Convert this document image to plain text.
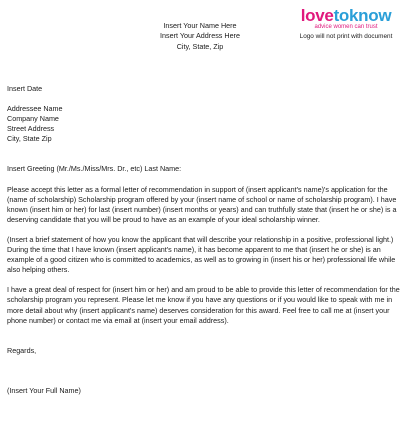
Insert Your Name Here
Insert Your Address Here
City, State, Zip
lovetoknow
advice women can trust
Logo will not print with document

Insert Date

Addressee Name
Company Name
Street Address
City, State Zip

Insert Greeting (Mr./Ms./Miss/Mrs. Dr., etc) Last Name:

Please accept this letter as a formal letter of recommendation in support of (insert applicant's name)'s application for the (name of scholarship) Scholarship program offered by your (insert name of school or name of scholarship program). I have known (insert him or her) for last (insert number) (insert months or years) and can truthfully state that (insert he or she) is a deserving candidate that you will be proud to have as an example of your ideal scholarship winner.

(Insert a brief statement of how you know the applicant that will describe your relationship in a positive, professional light.) During the time that I have known (insert applicant's name), it has become apparent to me that (insert he or she) is an example of a good citizen who is committed to academics, as well as to growing in (insert his or her) professional life while also helping others.

I have a great deal of respect for (insert him or her) and am proud to be able to provide this letter of recommendation for the scholarship program you represent. Please let me know if you have any questions or if you would like to speak with me in more detail about why (insert applicant's name) deserves consideration for this award. Feel free to call me at (insert your phone number) or contact me via email at (insert your email address).

Regards,

(Insert Your Full Name)
